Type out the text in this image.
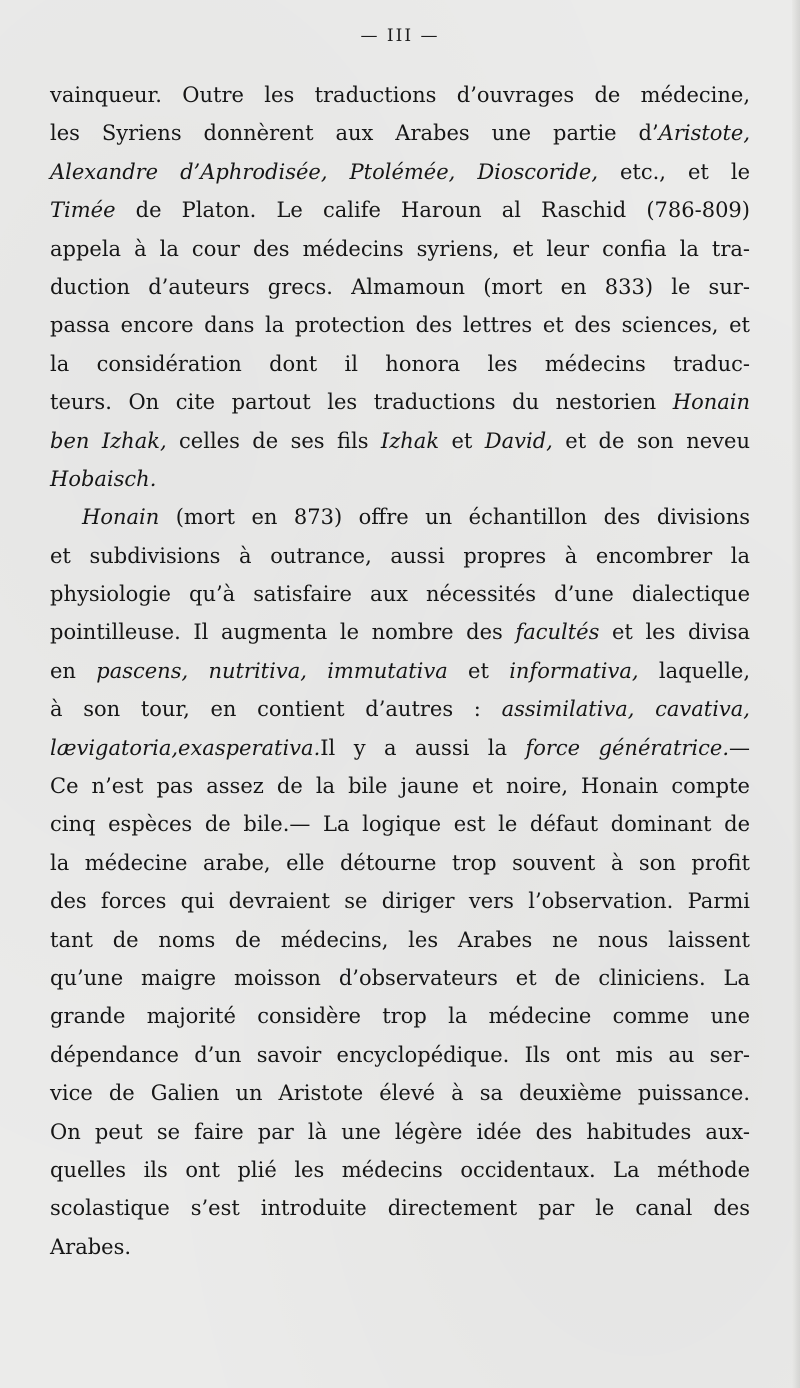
— III —
vainqueur. Outre les traductions d’ouvrages de médecine,
les Syriens donnèrent aux Arabes une partie d’Aristote,
Alexandre d’Aphrodisée, Ptolémée, Dioscoride, etc., et le
Timée de Platon. Le calife Haroun al Raschid (786-809)
appela à la cour des médecins syriens, et leur confia la tra-
duction d’auteurs grecs. Almamoun (mort en 833) le sur-
passa encore dans la protection des lettres et des sciences, et
la considération dont il honora les médecins traduc-
teurs. On cite partout les traductions du nestorien Honain
ben Izhak, celles de ses fils Izhak et David, et de son neveu
Hobaisch.
Honain (mort en 873) offre un échantillon des divisions
et subdivisions à outrance, aussi propres à encombrer la
physiologie qu’à satisfaire aux nécessités d’une dialectique
pointilleuse. Il augmenta le nombre des facultés et les divisa
en pascens, nutritiva, immutativa et informativa, laquelle,
à son tour, en contient d’autres : assimilativa, cavativa,
lævigatoria,exasperativa.Il y a aussi la force génératrice.—
Ce n’est pas assez de la bile jaune et noire, Honain compte
cinq espèces de bile.— La logique est le défaut dominant de
la médecine arabe, elle détourne trop souvent à son profit
des forces qui devraient se diriger vers l’observation. Parmi
tant de noms de médecins, les Arabes ne nous laissent
qu’une maigre moisson d’observateurs et de cliniciens. La
grande majorité considère trop la médecine comme une
dépendance d’un savoir encyclopédique. Ils ont mis au ser-
vice de Galien un Aristote élevé à sa deuxième puissance.
On peut se faire par là une légère idée des habitudes aux-
quelles ils ont plié les médecins occidentaux. La méthode
scolastique s’est introduite directement par le canal des
Arabes.
